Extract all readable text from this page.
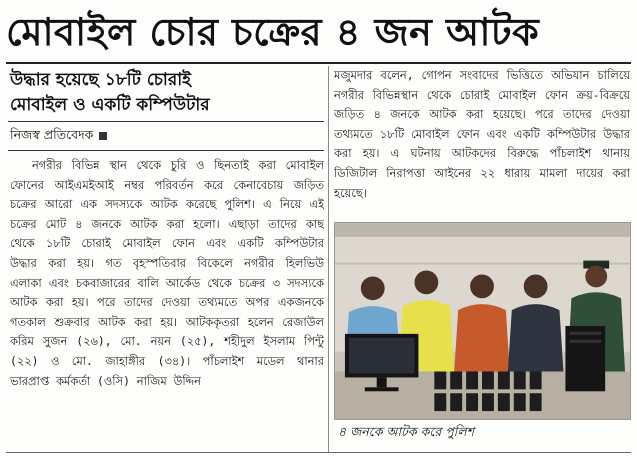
মোবাইল চোর চক্রের ৪ জন আটক
উদ্ধার হয়েছে ১৮টি চোরাই
মোবাইল ও একটি কম্পিউটার
নিজস্ব প্রতিবেদক
নগরীর বিভিন্ন স্থান থেকে চুরি ও ছিনতাই করা মোবাইল ফোনের আইএমইআই নম্বর পরিবর্তন করে কেনাবেচায় জড়িত চক্রের আরো এক সদস্যকে আটক করেছে পুলিশ। এ নিয়ে এই চক্রের মোট ৪ জনকে আটক করা হলো। এছাড়া তাদের কাছ থেকে ১৮টি চোরাই মোবাইল ফোন এবং একটি কম্পিউটার উদ্ধার করা হয়। গত বৃহস্পতিবার বিকেলে নগরীর হিলভিউ এলাকা এবং চকবাজারের বালি আর্কেড থেকে চক্রের ৩ সদস্যকে আটক করা হয়। পরে তাদের দেওয়া তথ্যমতে অপর একজনকে গতকাল শুক্রবার আটক করা হয়। আটককৃতরা হলেন রেজাউল করিম সুজন (২৬), মো. নয়ন (২৫), শহীদুল ইসলাম পিন্টু (২২) ও মো. জাহাঙ্গীর (৩৪)। পাঁচলাইশ মডেল থানার ভারপ্রাপ্ত কর্মকর্তা (ওসি) নাজিম উদ্দিন
মজুমদার বলেন, গোপন সংবাদের ভিত্তিতে অভিযান চালিয়ে নগরীর বিভিন্নস্থান থেকে চোরাই মোবাইল ফোন ক্রয়-বিক্রয়ে জড়িত ৪ জনকে আটক করা হয়েছে। পরে তাদের দেওয়া তথ্যমতে ১৮টি মোবাইল ফোন এবং একটি কম্পিউটার উদ্ধার করা হয়। এ ঘটনায় আটকদের বিরুদ্ধে পাঁচলাইশ থানায় ডিজিটাল নিরাপত্তা আইনের ২২ ধারায় মামলা দায়ের করা হয়েছে।
৪ জনকে আটক করে পুলিশ
